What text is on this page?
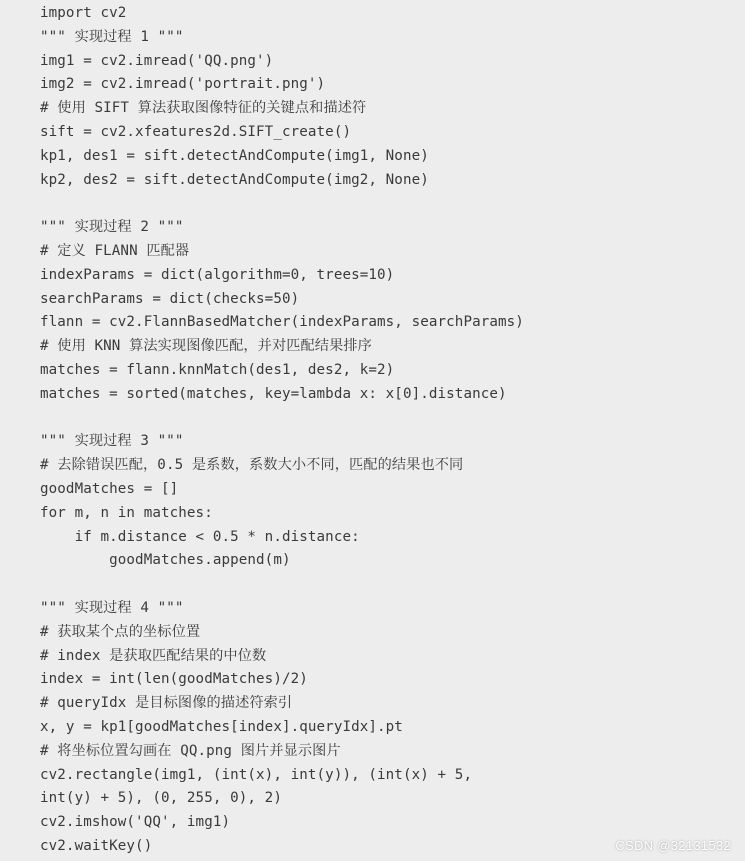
import cv2
""" 实现过程 1 """
img1 = cv2.imread('QQ.png')
img2 = cv2.imread('portrait.png')
# 使用 SIFT 算法获取图像特征的关键点和描述符
sift = cv2.xfeatures2d.SIFT_create()
kp1, des1 = sift.detectAndCompute(img1, None)
kp2, des2 = sift.detectAndCompute(img2, None)
""" 实现过程 2 """
# 定义 FLANN 匹配器
indexParams = dict(algorithm=0, trees=10)
searchParams = dict(checks=50)
flann = cv2.FlannBasedMatcher(indexParams, searchParams)
# 使用 KNN 算法实现图像匹配，并对匹配结果排序
matches = flann.knnMatch(des1, des2, k=2)
matches = sorted(matches, key=lambda x: x[0].distance)
""" 实现过程 3 """
# 去除错误匹配，0.5 是系数，系数大小不同，匹配的结果也不同
goodMatches = []
for m, n in matches:
if m.distance < 0.5 * n.distance:
goodMatches.append(m)
""" 实现过程 4 """
# 获取某个点的坐标位置
# index 是获取匹配结果的中位数
index = int(len(goodMatches)/2)
# queryIdx 是目标图像的描述符索引
x, y = kp1[goodMatches[index].queryIdx].pt
# 将坐标位置勾画在 QQ.png 图片并显示图片
cv2.rectangle(img1, (int(x), int(y)), (int(x) + 5,
int(y) + 5), (0, 255, 0), 2)
cv2.imshow('QQ', img1)
cv2.waitKey()	CSDN @32131532
